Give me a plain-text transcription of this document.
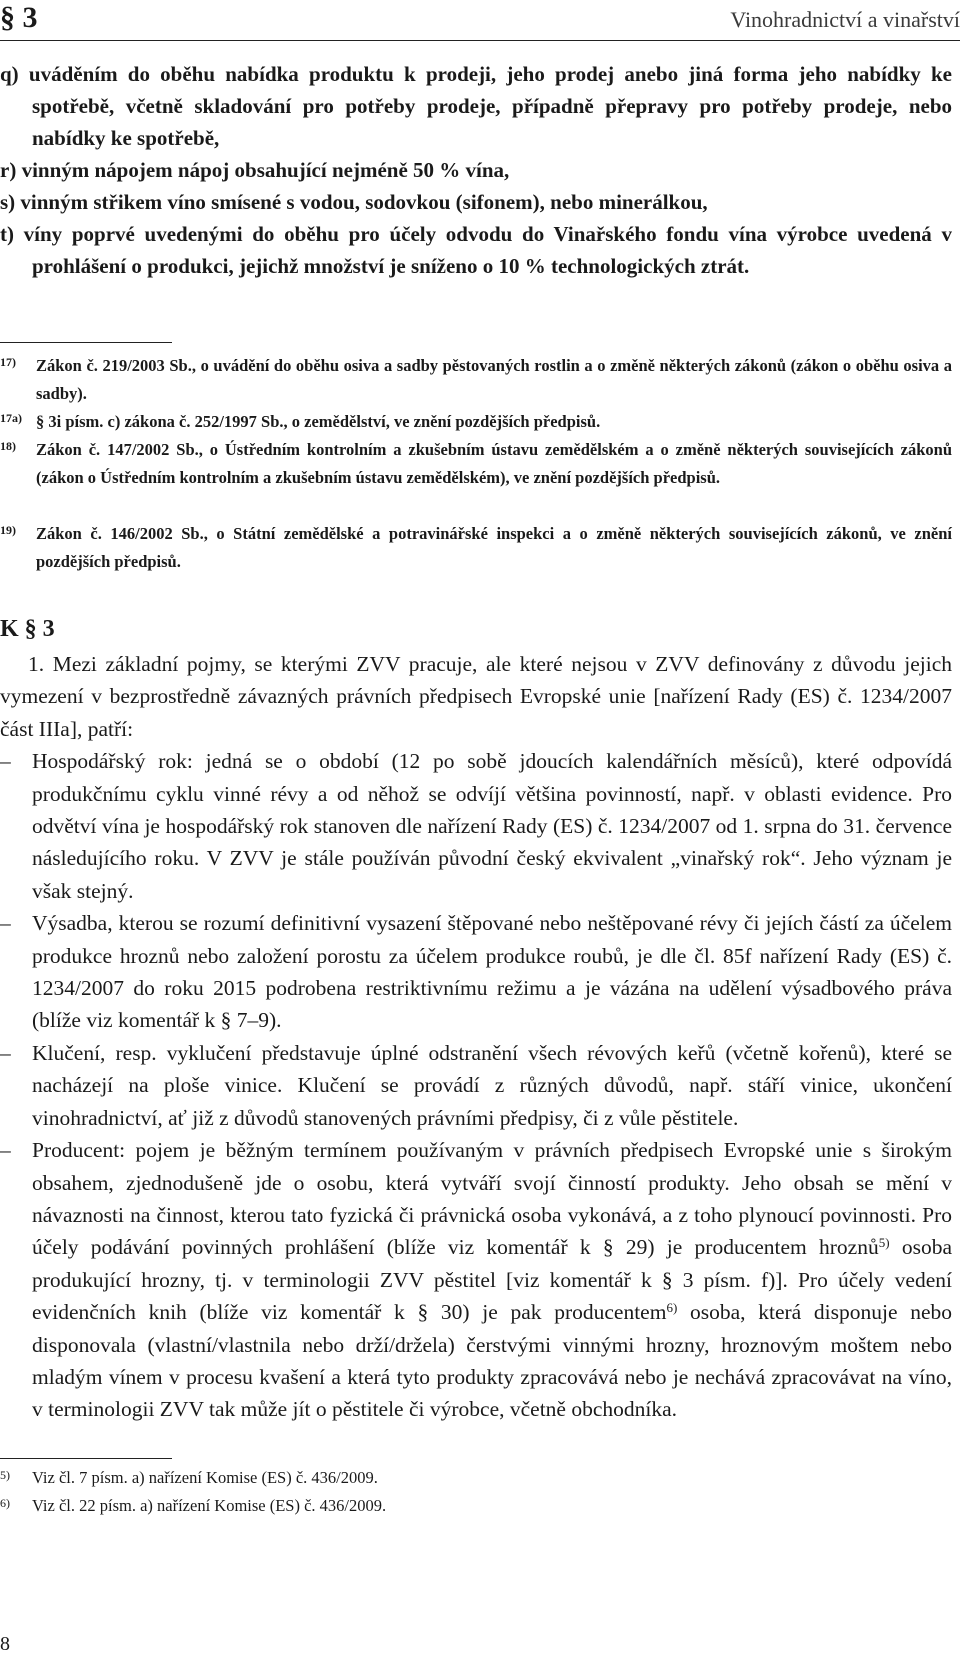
§ 3	Vinohradnictví a vinařství
q) uváděním do oběhu nabídka produktu k prodeji, jeho prodej anebo jiná forma jeho nabídky ke spotřebě, včetně skladování pro potřeby prodeje, případně přepravy pro potřeby prodeje, nebo nabídky ke spotřebě,
r) vinným nápojem nápoj obsahující nejméně 50 % vína,
s) vinným střikem víno smísené s vodou, sodovkou (sifonem), nebo minerálkou,
t) víny poprvé uvedenými do oběhu pro účely odvodu do Vinařského fondu vína výrobce uvedená v prohlášení o produkci, jejichž množství je sníženo o 10 % technologických ztrát.
17) Zákon č. 219/2003 Sb., o uvádění do oběhu osiva a sadby pěstovaných rostlin a o změně některých zákonů (zákon o oběhu osiva a sadby).
17a) § 3i písm. c) zákona č. 252/1997 Sb., o zemědělství, ve znění pozdějších předpisů.
18) Zákon č. 147/2002 Sb., o Ústředním kontrolním a zkušebním ústavu zemědělském a o změně některých souvisejících zákonů (zákon o Ústředním kontrolním a zkušebním ústavu zemědělském), ve znění pozdějších předpisů.
19) Zákon č. 146/2002 Sb., o Státní zemědělské a potravinářské inspekci a o změně některých souvisejících zákonů, ve znění pozdějších předpisů.
K § 3

1. Mezi základní pojmy, se kterými ZVV pracuje, ale které nejsou v ZVV definovány z důvodu jejich vymezení v bezprostředně závazných právních předpisech Evropské unie [nařízení Rady (ES) č. 1234/2007 část IIIa], patří:

– Hospodářský rok: jedná se o období (12 po sobě jdoucích kalendářních měsíců), které odpovídá produkčnímu cyklu vinné révy a od něhož se odvíjí většina povinností, např. v oblasti evidence. Pro odvětví vína je hospodářský rok stanoven dle nařízení Rady (ES) č. 1234/2007 od 1. srpna do 31. července následujícího roku. V ZVV je stále používán původní český ekvivalent „vinařský rok“. Jeho význam je však stejný.
– Výsadba, kterou se rozumí definitivní vysazení štěpované nebo neštěpované révy či jejích částí za účelem produkce hroznů nebo založení porostu za účelem produkce roubů, je dle čl. 85f nařízení Rady (ES) č. 1234/2007 do roku 2015 podrobena restriktivnímu režimu a je vázána na udělení výsadbového práva (blíže viz komentář k § 7–9).
– Klučení, resp. vyklučení představuje úplné odstranění všech révových keřů (včetně kořenů), které se nacházejí na ploše vinice. Klučení se provádí z různých důvodů, např. stáří vinice, ukončení vinohradnictví, ať již z důvodů stanovených právními předpisy, či z vůle pěstitele.
– Producent: pojem je běžným termínem používaným v právních předpisech Evropské unie s širokým obsahem, zjednodušeně jde o osobu, která vytváří svojí činností produkty. Jeho obsah se mění v návaznosti na činnost, kterou tato fyzická či právnická osoba vykonává, a z toho plynoucí povinnosti. Pro účely podávání povinných prohlášení (blíže viz komentář k § 29) je producentem hroznů$^{5)}$ osoba produkující hrozny, tj. v terminologii ZVV pěstitel [viz komentář k § 3 písm. f)]. Pro účely vedení evidenčních knih (blíže viz komentář k § 30) je pak producentem$^{6)}$ osoba, která disponuje nebo disponovala (vlastní/vlastnila nebo drží/držela) čerstvými vinnými hrozny, hroznovým moštem nebo mladým vínem v procesu kvašení a která tyto produkty zpracovává nebo je nechává zpracovávat na víno, v terminologii ZVV tak může jít o pěstitele či výrobce, včetně obchodníka.
5) Viz čl. 7 písm. a) nařízení Komise (ES) č. 436/2009.
6) Viz čl. 22 písm. a) nařízení Komise (ES) č. 436/2009.
8
